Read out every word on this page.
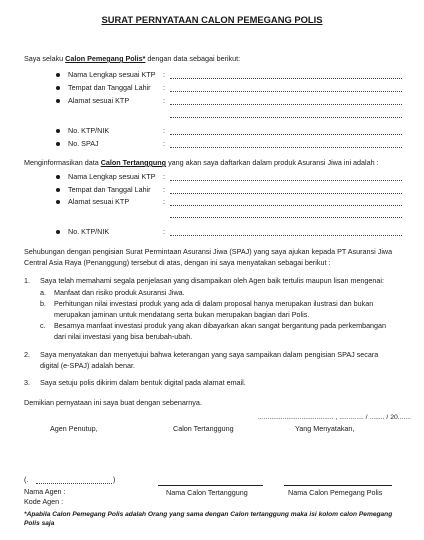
SURAT PERNYATAAN CALON PEMEGANG POLIS
Saya selaku Calon Pemegang Polis* dengan data sebagai berikut:
Nama Lengkap sesuai KTP :
Tempat dan Tanggal Lahir :
Alamat sesuai KTP	:
No. KTP/NIK	:
No. SPAJ	:
Menginformasikan data Calon Tertanggung yang akan saya daftarkan dalam produk Asuransi Jiwa ini adalah :
Nama Lengkap sesuai KTP :
Tempat dan Tanggal Lahir :
Alamat sesuai KTP	:
No. KTP/NIK	:
Sehubungan dengan pengisian Surat Permintaan Asuransi Jiwa (SPAJ) yang saya ajukan kepada PT Asuransi Jiwa
Central Asia Raya (Penanggung) tersebut di atas, dengan ini saya menyatakan sebagai berikut :
1. Saya telah memahami segala penjelasan yang disampaikan oleh Agen baik tertulis maupun lisan mengenai:
a. Manfaat dan risiko produk Asuransi Jiwa.
b. Perhitungan nilai investasi produk yang ada di dalam proposal hanya merupakan ilustrasi dan bukan
merupakan jaminan untuk mendatang serta bukan merupakan bagian dari Polis.
c. Besarnya manfaat investasi produk yang akan dibayarkan akan sangat bergantung pada perkembangan
dari nilai investasi yang bisa berubah-ubah.
2. Saya menyatakan dan menyetujui bahwa keterangan yang saya sampaikan dalam pengisian SPAJ secara
digital (e-SPAJ) adalah benar.
3. Saya setuju polis dikirim dalam bentuk digital pada alamat email.
Demikian pernyataan ini saya buat dengan sebenarnya.
........................................ , ............. / ........ / 20.......
Agen Penutup,	Calon Tertanggung	Yang Menyatakan,
(.	)
Nama Agen :
Kode Agen :
Nama Calon Tertanggung	Nama Calon Pemegang Polis
*Apabila Calon Pemegang Polis adalah Orang yang sama dengan Calon tertanggung maka isi kolom calon Pemegang
Polis saja
